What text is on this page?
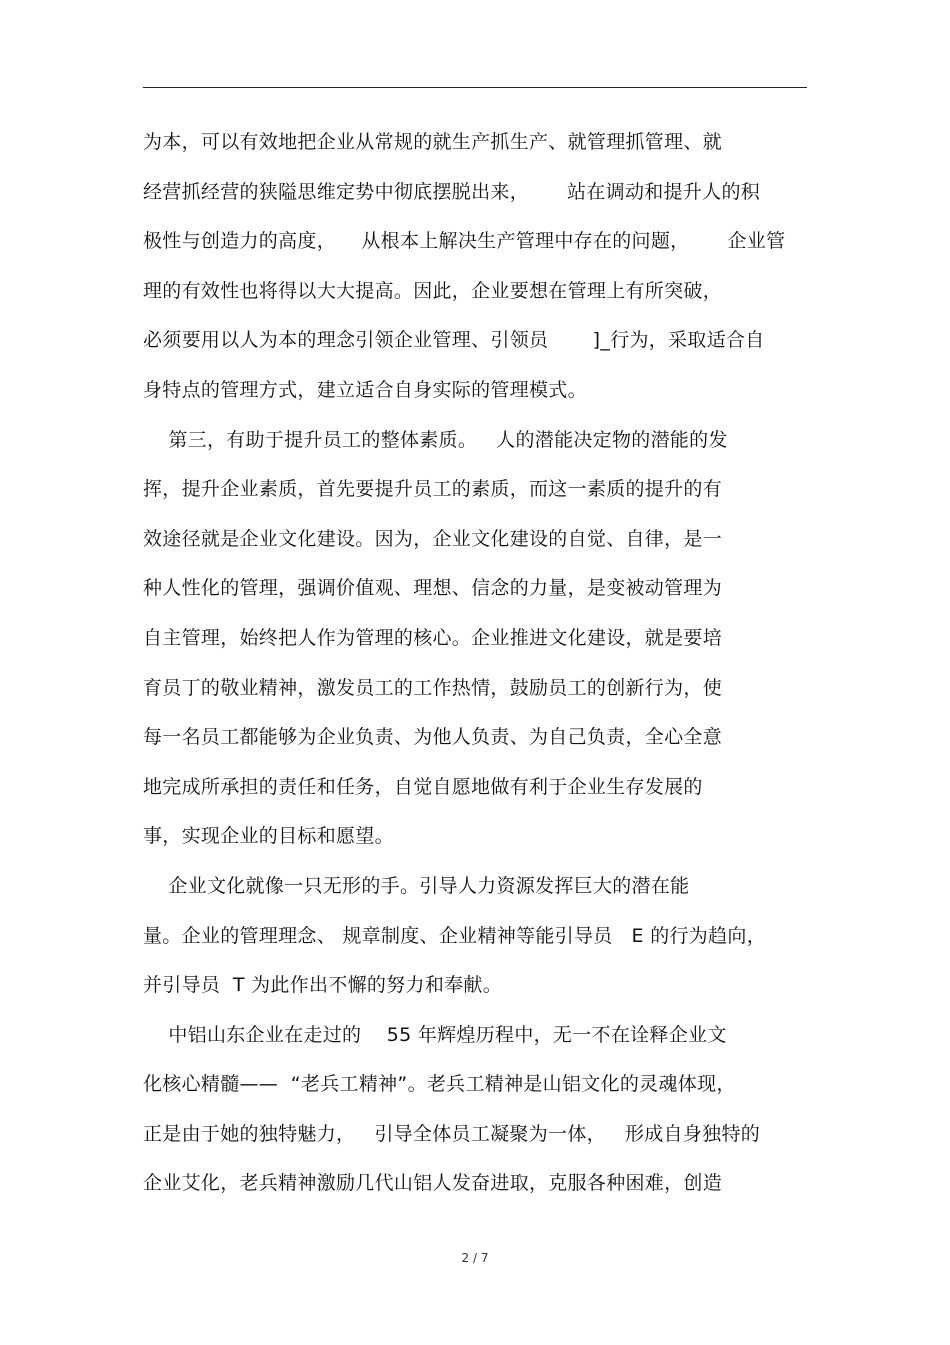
为本，可以有效地把企业从常规的就生产抓生产、就管理抓管理、就
经营抓经营的狭隘思维定势中彻底摆脱出来，      站在调动和提升人的积
极性与创造力的高度，    从根本上解决生产管理中存在的问题，      企业管
理的有效性也将得以大大提高。因此，企业要想在管理上有所突破，
必须要用以人为本的理念引领企业管理、引领员       ]_行为，采取适合自
身特点的管理方式，建立适合自身实际的管理模式。
第三，有助于提升员工的整体素质。   人的潜能决定物的潜能的发
挥，提升企业素质，首先要提升员工的素质，而这一素质的提升的有
效途径就是企业文化建设。因为，企业文化建设的自觉、自律，是一
种人性化的管理，强调价值观、理想、信念的力量，是变被动管理为
自主管理，始终把人作为管理的核心。企业推进文化建设，就是要培
育员丁的敬业精神，激发员工的工作热情，鼓励员工的创新行为，使
每一名员工都能够为企业负责、为他人负责、为自己负责，全心全意
地完成所承担的责任和任务，自觉自愿地做有利于企业生存发展的
事，实现企业的目标和愿望。
企业文化就像一只无形的手。引导人力资源发挥巨大的潜在能
量。企业的管理理念、 规章制度、企业精神等能引导员   E 的行为趋向，
并引导员  T 为此作出不懈的努力和奉献。
中铝山东企业在走过的    55 年辉煌历程中，无一不在诠释企业文
化核心精髓——  “老兵工精神”。老兵工精神是山铝文化的灵魂体现，
正是由于她的独特魅力，   引导全体员工凝聚为一体，   形成自身独特的
企业艾化，老兵精神激励几代山铝人发奋进取，克服各种困难，创造
2 / 7
